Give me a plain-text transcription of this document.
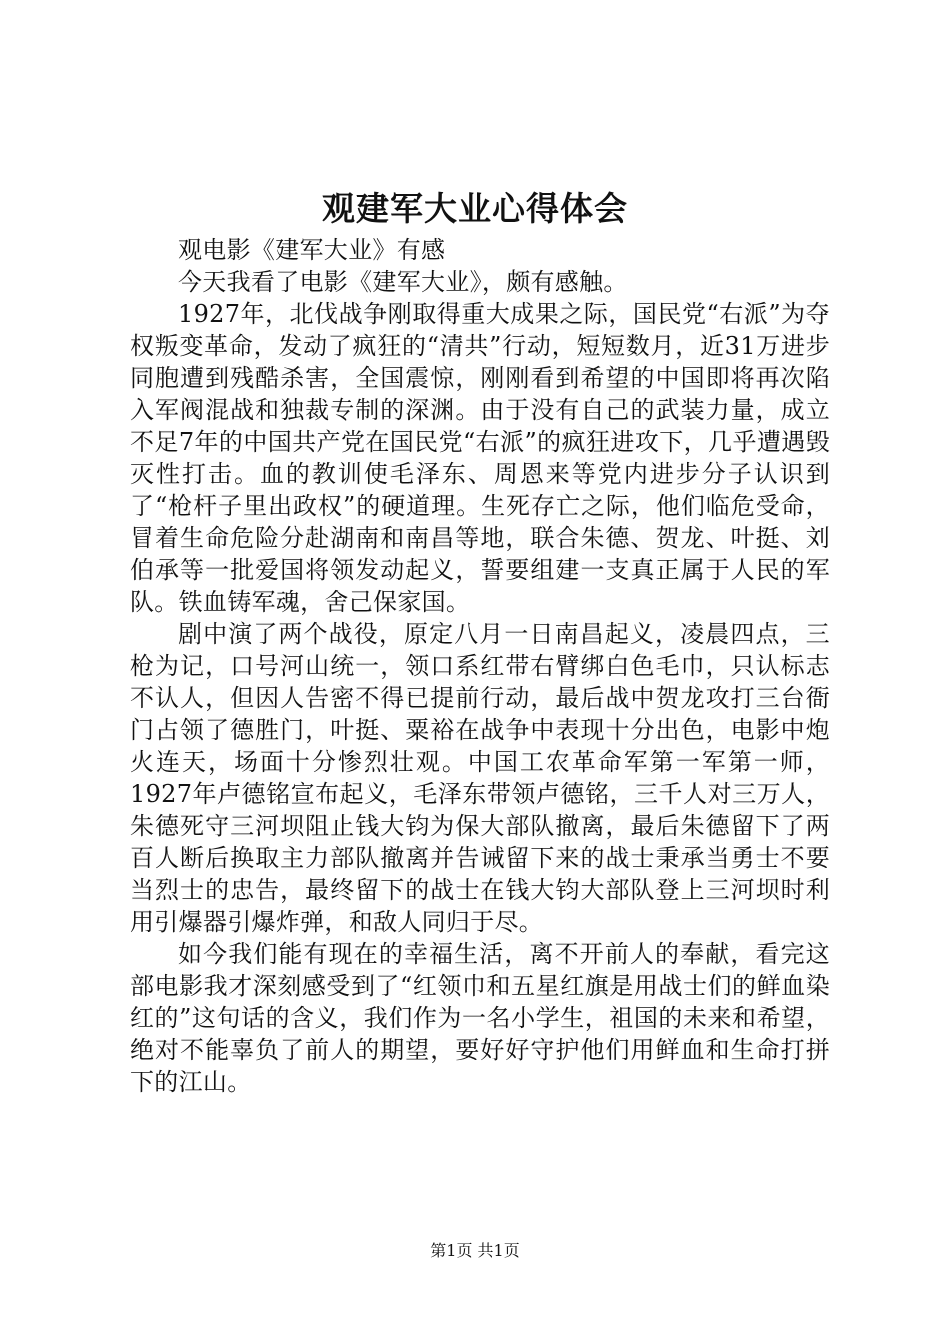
观建军大业心得体会

观电影《建军大业》有感

今天我看了电影《建军大业》，颇有感触。

1927年，北伐战争刚取得重大成果之际，国民党“右派”为夺权叛变革命，发动了疯狂的“清共”行动，短短数月，近31万进步同胞遭到残酷杀害，全国震惊，刚刚看到希望的中国即将再次陷入军阀混战和独裁专制的深渊。由于没有自己的武装力量，成立不足7年的中国共产党在国民党“右派”的疯狂进攻下，几乎遭遇毁灭性打击。血的教训使毛泽东、周恩来等党内进步分子认识到了“枪杆子里出政权”的硬道理。生死存亡之际，他们临危受命，冒着生命危险分赴湖南和南昌等地，联合朱德、贺龙、叶挺、刘伯承等一批爱国将领发动起义，誓要组建一支真正属于人民的军队。铁血铸军魂，舍己保家国。

剧中演了两个战役，原定八月一日南昌起义，凌晨四点，三枪为记，口号河山统一，领口系红带右臂绑白色毛巾，只认标志不认人，但因人告密不得已提前行动，最后战中贺龙攻打三台衙门占领了德胜门，叶挺、粟裕在战争中表现十分出色，电影中炮火连天，场面十分惨烈壮观。中国工农革命军第一军第一师，1927年卢德铭宣布起义，毛泽东带领卢德铭，三千人对三万人，朱德死守三河坝阻止钱大钧为保大部队撤离，最后朱德留下了两百人断后换取主力部队撤离并告诫留下来的战士秉承当勇士不要当烈士的忠告，最终留下的战士在钱大钧大部队登上三河坝时利用引爆器引爆炸弹，和敌人同归于尽。

如今我们能有现在的幸福生活，离不开前人的奉献，看完这部电影我才深刻感受到了“红领巾和五星红旗是用战士们的鲜血染红的”这句话的含义，我们作为一名小学生，祖国的未来和希望，绝对不能辜负了前人的期望，要好好守护他们用鲜血和生命打拼下的江山。

第1页 共1页
